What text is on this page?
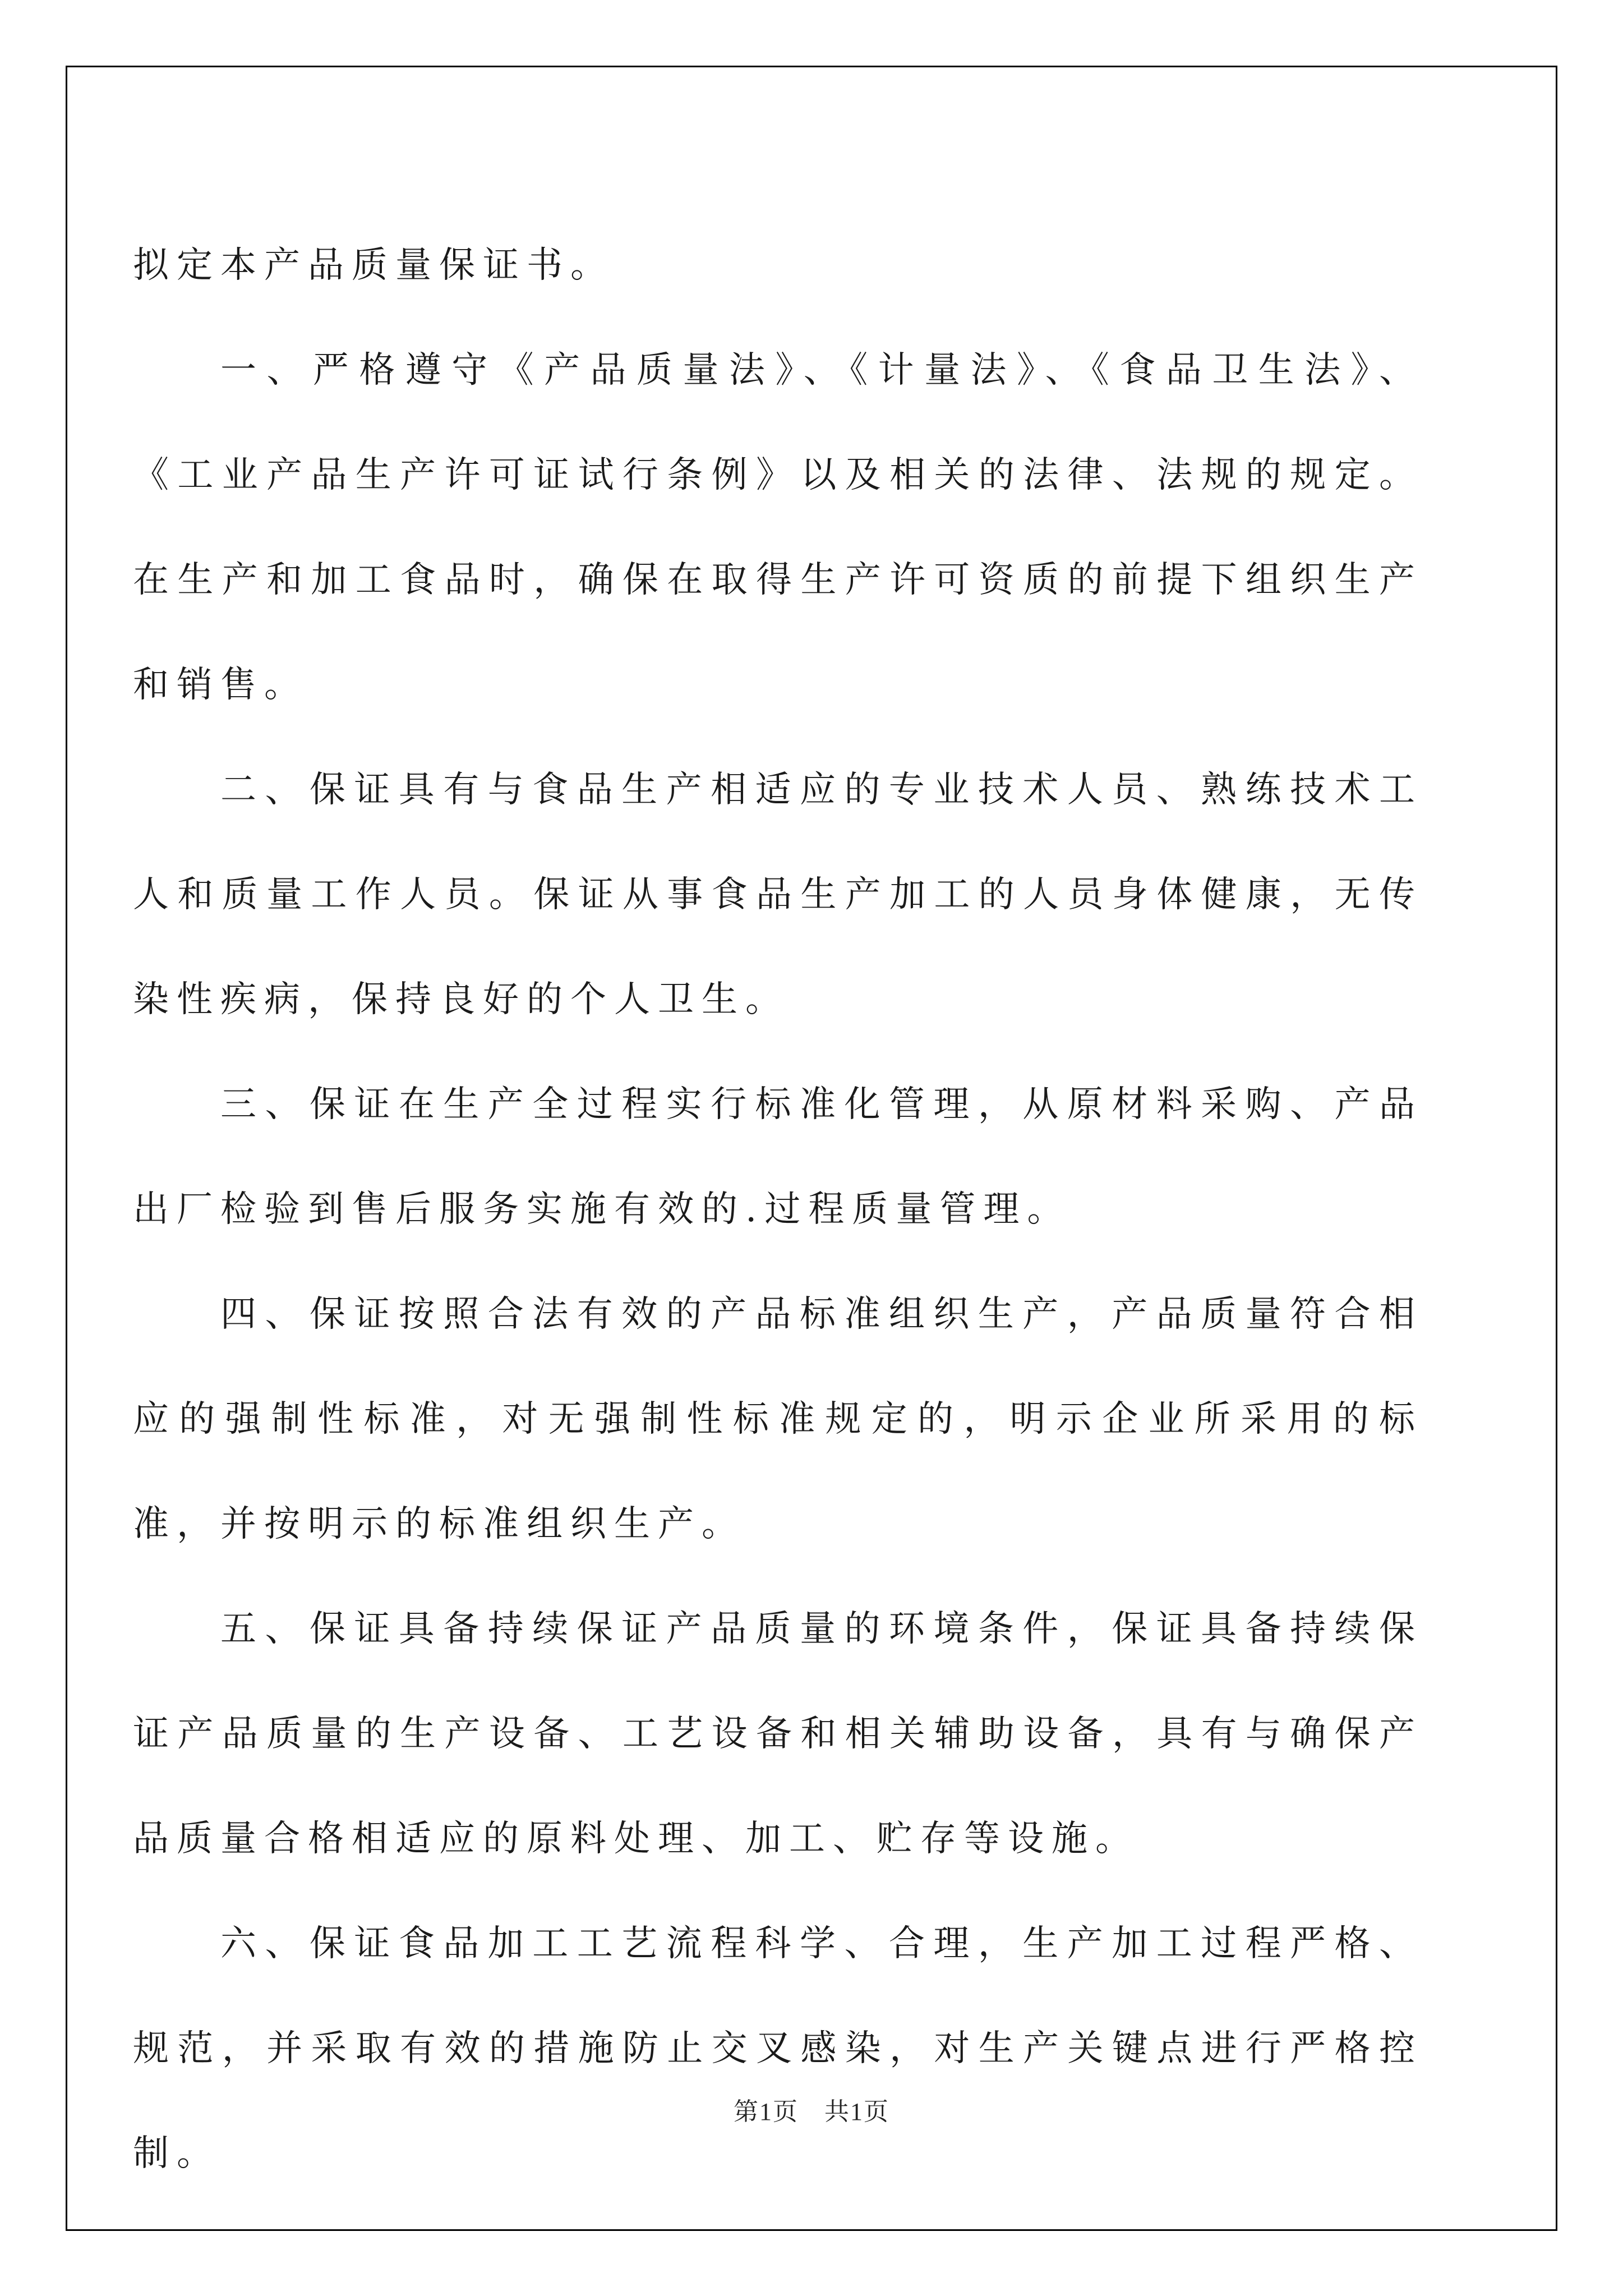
拟定本产品质量保证书。

一、严格遵守《产品质量法》、《计量法》、《食品卫生法》、《工业产品生产许可证试行条例》以及相关的法律、法规的规定。在生产和加工食品时，确保在取得生产许可资质的前提下组织生产和销售。

二、保证具有与食品生产相适应的专业技术人员、熟练技术工人和质量工作人员。保证从事食品生产加工的人员身体健康，无传染性疾病，保持良好的个人卫生。

三、保证在生产全过程实行标准化管理，从原材料采购、产品出厂检验到售后服务实施有效的.过程质量管理。

四、保证按照合法有效的产品标准组织生产，产品质量符合相应的强制性标准，对无强制性标准规定的，明示企业所采用的标准，并按明示的标准组织生产。

五、保证具备持续保证产品质量的环境条件，保证具备持续保证产品质量的生产设备、工艺设备和相关辅助设备，具有与确保产品质量合格相适应的原料处理、加工、贮存等设施。

六、保证食品加工工艺流程科学、合理，生产加工过程严格、规范，并采取有效的措施防止交叉感染，对生产关键点进行严格控制。

第1页　共1页
